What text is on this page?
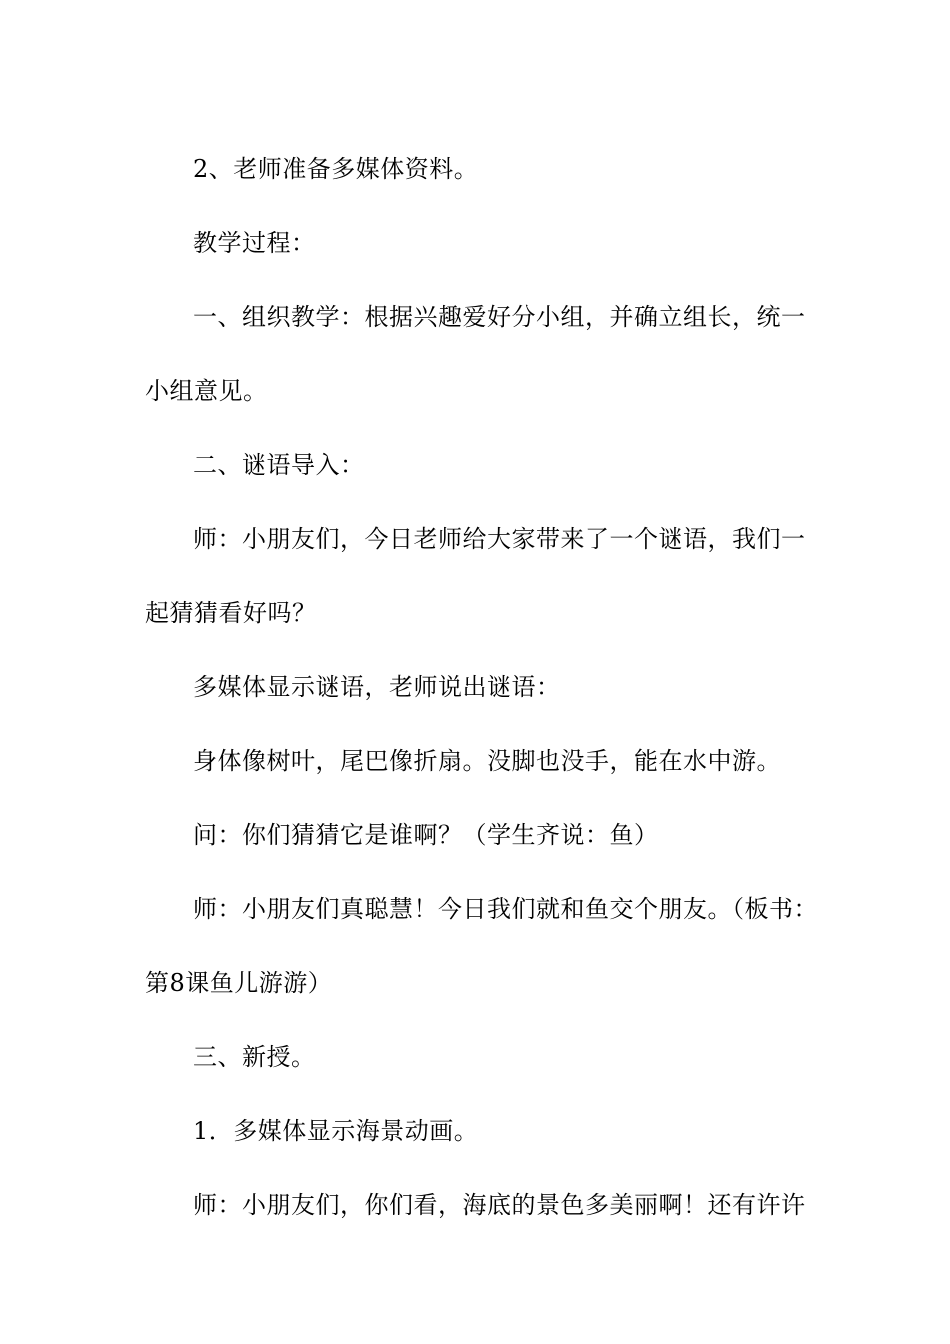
2、老师准备多媒体资料。
教学过程：
一、组织教学：根据兴趣爱好分小组，并确立组长，统一
小组意见。
二、谜语导入：
师：小朋友们，今日老师给大家带来了一个谜语，我们一
起猜猜看好吗？
多媒体显示谜语，老师说出谜语：
身体像树叶，尾巴像折扇。没脚也没手，能在水中游。
问：你们猜猜它是谁啊？（学生齐说：鱼）
师：小朋友们真聪慧！今日我们就和鱼交个朋友。（板书：
第8课鱼儿游游）
三、新授。
1．多媒体显示海景动画。
师：小朋友们，你们看，海底的景色多美丽啊！还有许许
